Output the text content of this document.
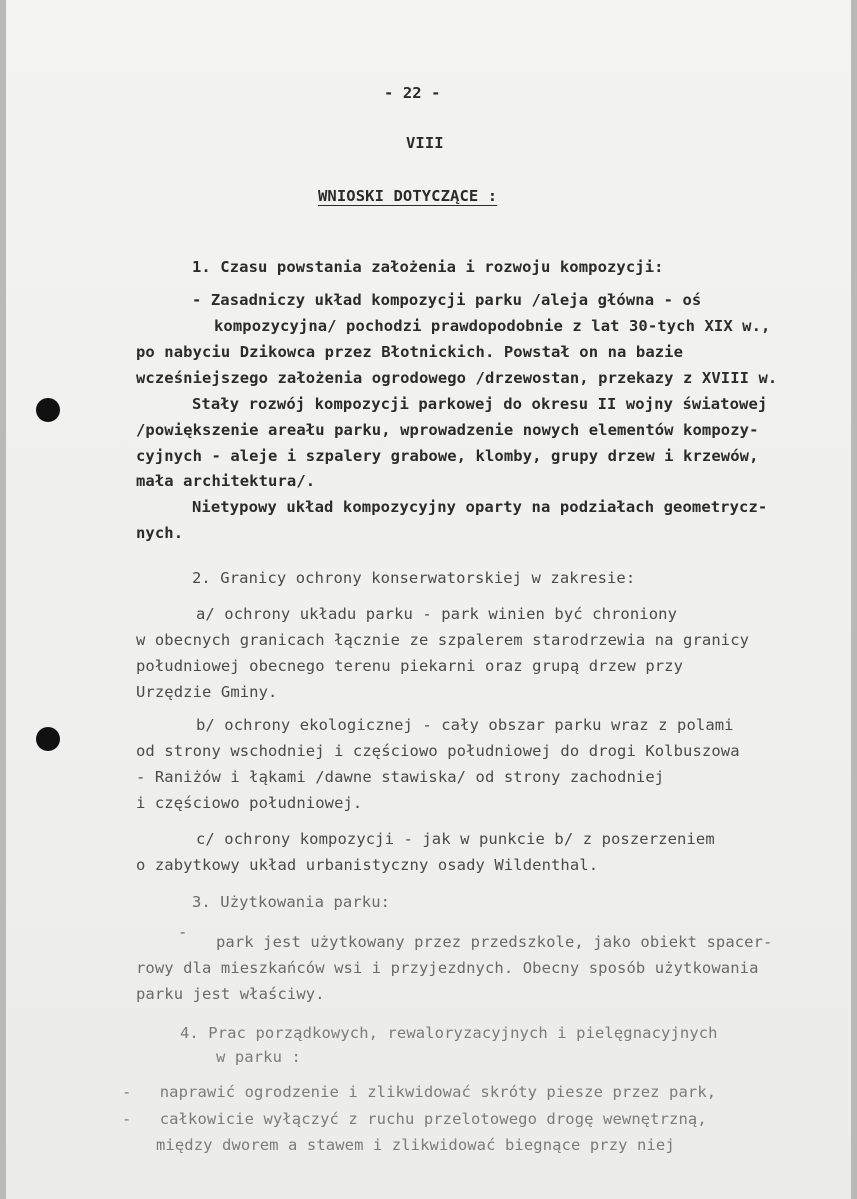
- 22 -
VIII
WNIOSKI DOTYCZĄCE :
1. Czasu powstania założenia i rozwoju kompozycji:
- Zasadniczy układ kompozycji parku /aleja główna - oś
kompozycyjna/ pochodzi prawdopodobnie z lat 30-tych XIX w.,
po nabyciu Dzikowca przez Błotnickich. Powstał on na bazie
wcześniejszego założenia ogrodowego /drzewostan, przekazy z XVIII w.
Stały rozwój kompozycji parkowej do okresu II wojny światowej
/powiększenie areału parku, wprowadzenie nowych elementów kompozy-
cyjnych - aleje i szpalery grabowe, klomby, grupy drzew i krzewów,
mała architektura/.
Nietypowy układ kompozycyjny oparty na podziałach geometrycz-
nych.
2. Granicy ochrony konserwatorskiej w zakresie:
a/ ochrony układu parku - park winien być chroniony
w obecnych granicach łącznie ze szpalerem starodrzewia na granicy
południowej obecnego terenu piekarni oraz grupą drzew przy
Urzędzie Gminy.
b/ ochrony ekologicznej - cały obszar parku wraz z polami
od strony wschodniej i częściowo południowej do drogi Kolbuszowa
- Raniżów i łąkami /dawne stawiska/ od strony zachodniej
i częściowo południowej.
c/ ochrony kompozycji - jak w punkcie b/ z poszerzeniem
o zabytkowy układ urbanistyczny osady Wildenthal.
3. Użytkowania parku:
-
park jest użytkowany przez przedszkole, jako obiekt spacer-
rowy dla mieszkańców wsi i przyjezdnych. Obecny sposób użytkowania
parku jest właściwy.
4. Prac porządkowych, rewaloryzacyjnych i pielęgnacyjnych
w parku :
-   naprawić ogrodzenie i zlikwidować skróty piesze przez park,
-   całkowicie wyłączyć z ruchu przelotowego drogę wewnętrzną,
między dworem a stawem i zlikwidować biegnące przy niej
